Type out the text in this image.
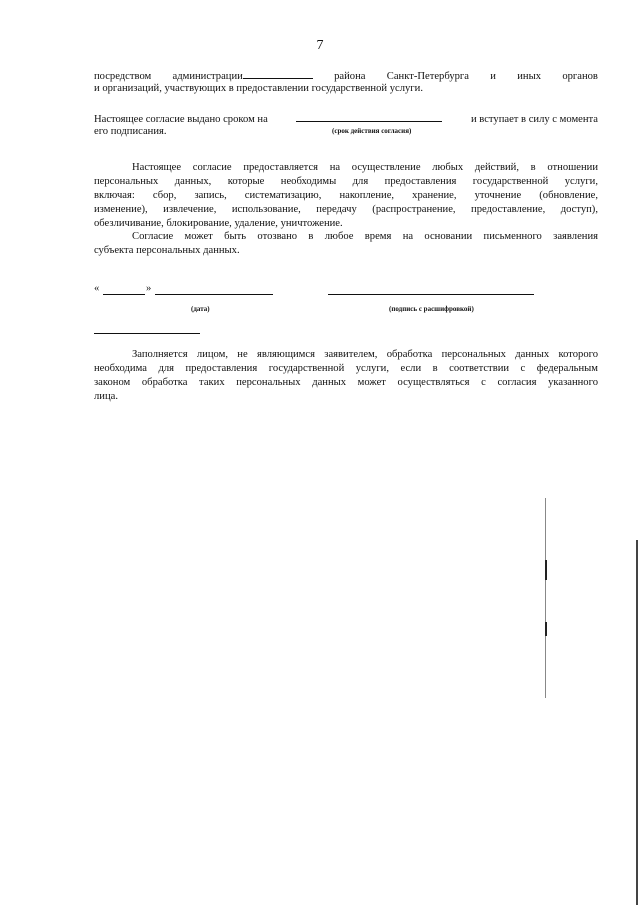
7
посредством администрации	района Санкт-Петербурга и иных органов
и организаций, участвующих в предоставлении государственной услуги.
Настоящее согласие выдано сроком на	и вступает в силу с момента
его подписания.	(срок действия согласия)
Настоящее согласие предоставляется на осуществление любых действий, в отношении
персональных данных, которые необходимы для предоставления государственной услуги,
включая: сбор, запись, систематизацию, накопление, хранение, уточнение (обновление,
изменение), извлечение, использование, передачу (распространение, предоставление, доступ),
обезличивание, блокирование, удаление, уничтожение.
Согласие может быть отозвано в любое время на основании письменного заявления
субъекта персональных данных.
«	»
(дата)	(подпись с расшифровкой)
Заполняется лицом, не являющимся заявителем, обработка персональных данных которого
необходима для предоставления государственной услуги, если в соответствии с федеральным
законом обработка таких персональных данных может осуществляться с согласия указанного
лица.
